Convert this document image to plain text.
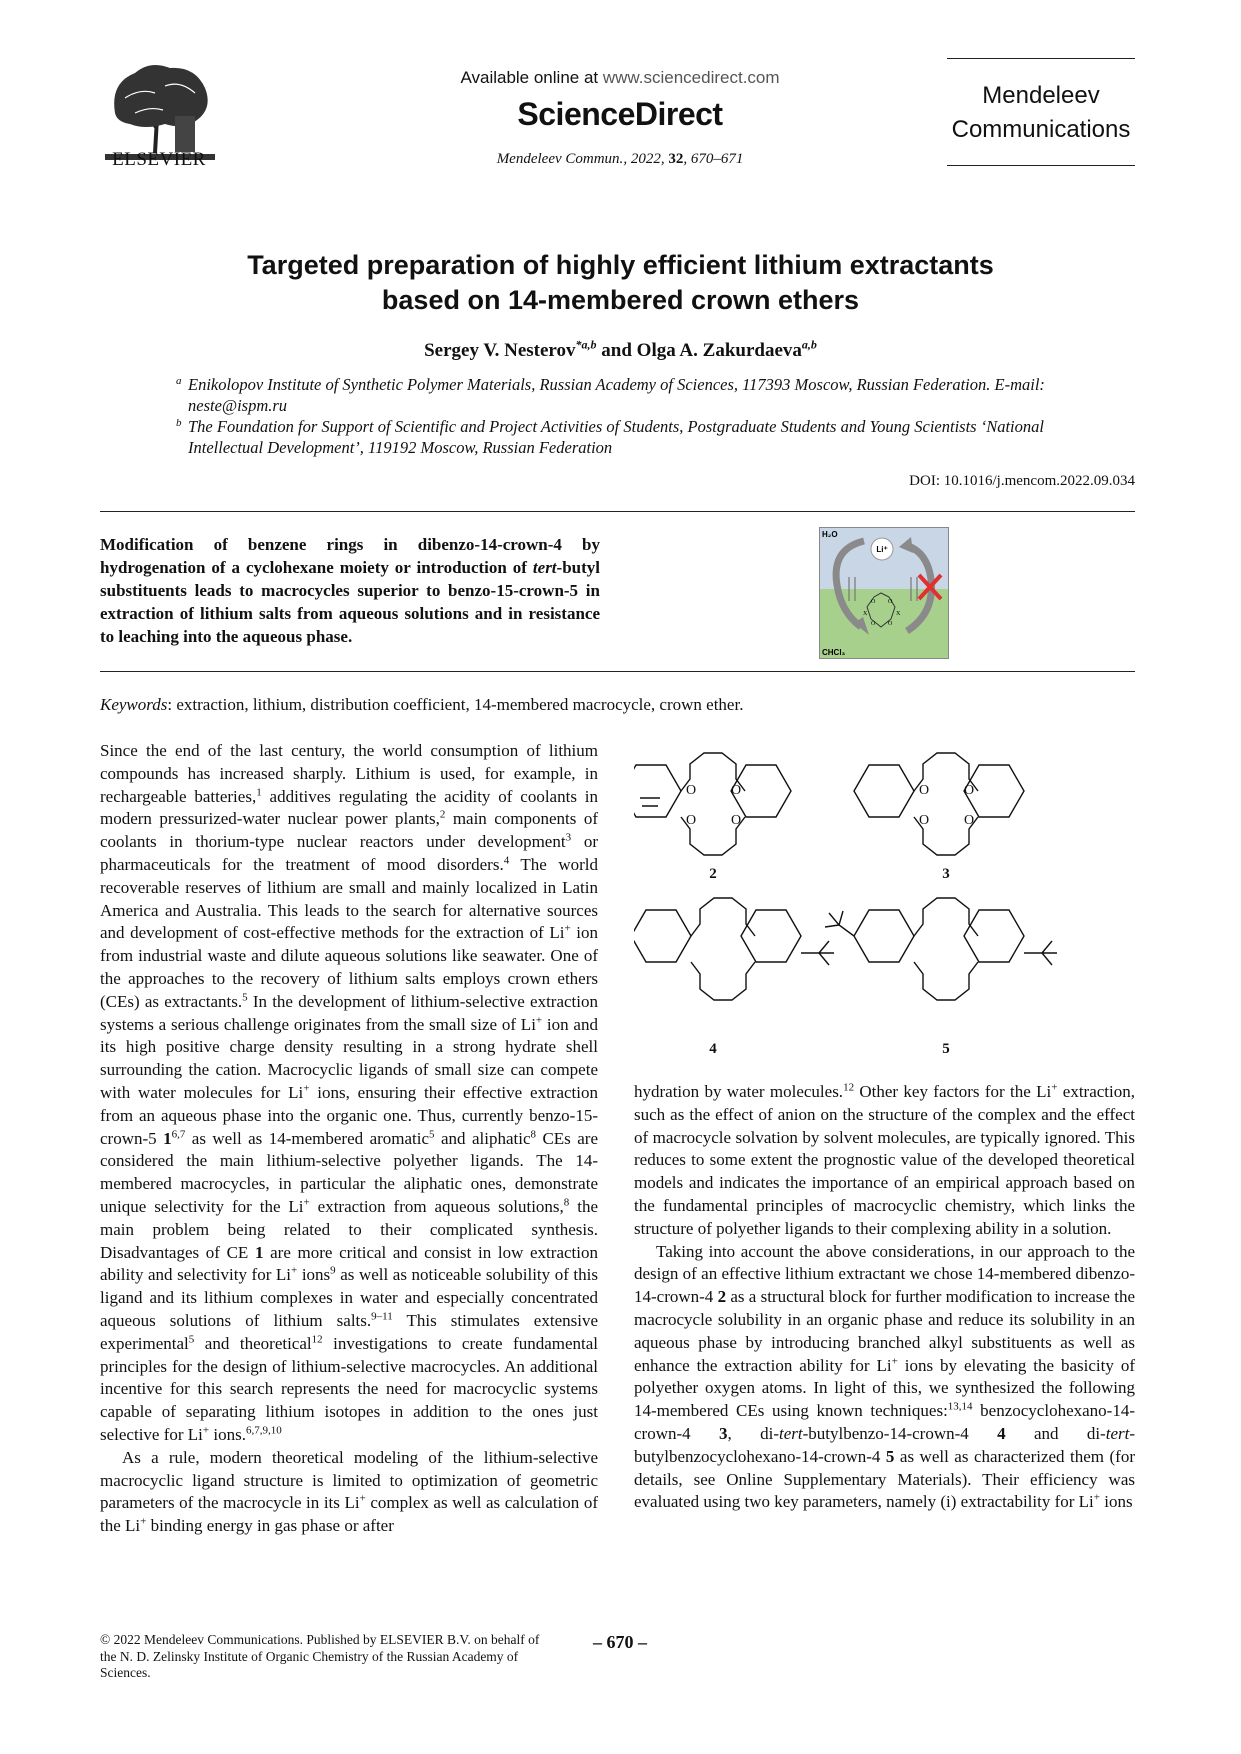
ELSEVIER
Available online at www.sciencedirect.com
ScienceDirect
Mendeleev Commun., 2022, 32, 670–671
Mendeleev
Communications
Targeted preparation of highly efficient lithium extractants
based on 14-membered crown ethers
Sergey V. Nesterov$^{*a,b}$ and Olga A. Zakurdaeva$^{a,b}$
a Enikolopov Institute of Synthetic Polymer Materials, Russian Academy of Sciences, 117393 Moscow, Russian Federation. E-mail: neste@ispm.ru
b The Foundation for Support of Scientific and Project Activities of Students, Postgraduate Students and Young Scientists ‘National Intellectual Development’, 119192 Moscow, Russian Federation
DOI: 10.1016/j.mencom.2022.09.034
Modification of benzene rings in dibenzo-14-crown-4 by hydrogenation of a cyclohexane moiety or introduction of tert-butyl substituents leads to macrocycles superior to benzo-15-crown-5 in extraction of lithium salts from aqueous solutions and in resistance to leaching into the aqueous phase.
H₂O
CHCl₃
Li⁺
O O
O O
X	X
Keywords: extraction, lithium, distribution coefficient, 14-membered macrocycle, crown ether.

Since the end of the last century, the world consumption of lithium compounds has increased sharply. Lithium is used, for example, in rechargeable batteries,$^1$ additives regulating the acidity of coolants in modern pressurized-water nuclear power plants,$^2$ main components of coolants in thorium-type nuclear reactors under development$^3$ or pharmaceuticals for the treatment of mood disorders.$^4$ The world recoverable reserves of lithium are small and mainly localized in Latin America and Australia. This leads to the search for alternative sources and development of cost-effective methods for the extraction of Li+ ion from industrial waste and dilute aqueous solutions like seawater. One of the approaches to the recovery of lithium salts employs crown ethers (CEs) as extractants.$^5$ In the development of lithium-selective extraction systems a serious challenge originates from the small size of Li+ ion and its high positive charge density resulting in a strong hydrate shell surrounding the cation. Macrocyclic ligands of small size can compete with water molecules for Li+ ions, ensuring their effective extraction from an aqueous phase into the organic one. Thus, currently benzo-15-crown-5 1$^{6,7}$ as well as 14-membered aromatic$^5$ and aliphatic$^8$ CEs are considered the main lithium-selective polyether ligands. The 14-membered macrocycles, in particular the aliphatic ones, demonstrate unique selectivity for the Li+ extraction from aqueous solutions,$^8$ the main problem being related to their complicated synthesis. Disadvantages of CE 1 are more critical and consist in low extraction ability and selectivity for Li+ ions$^9$ as well as noticeable solubility of this ligand and its lithium complexes in water and especially concentrated aqueous solutions of lithium salts.$^{9-11}$ This stimulates extensive experimental$^5$ and theoretical$^{12}$ investigations to create fundamental principles for the design of lithium-selective macrocycles. An additional incentive for this search represents the need for macrocyclic systems capable of separating lithium isotopes in addition to the ones just selective for Li+ ions.$^{6,7,9,10}$

As a rule, modern theoretical modeling of the lithium-selective macrocyclic ligand structure is limited to optimization of geometric parameters of the macrocycle in its Li+ complex as well as calculation of the Li+ binding energy in gas phase or after

O O
O O
O O
O O
2	3
4	5

hydration by water molecules.$^{12}$ Other key factors for the Li+ extraction, such as the effect of anion on the structure of the complex and the effect of macrocycle solvation by solvent molecules, are typically ignored. This reduces to some extent the prognostic value of the developed theoretical models and indicates the importance of an empirical approach based on the fundamental principles of macrocyclic chemistry, which links the structure of polyether ligands to their complexing ability in a solution.

Taking into account the above considerations, in our approach to the design of an effective lithium extractant we chose 14-membered dibenzo-14-crown-4 2 as a structural block for further modification to increase the macrocycle solubility in an organic phase and reduce its solubility in an aqueous phase by introducing branched alkyl substituents as well as enhance the extraction ability for Li+ ions by elevating the basicity of polyether oxygen atoms. In light of this, we synthesized the following 14-membered CEs using known techniques:$^{13,14}$ benzocyclohexano-14-crown-4 3, di-tert-butylbenzo-14-crown-4 4 and di-tert-butylbenzocyclohexano-14-crown-4 5 as well as characterized them (for details, see Online Supplementary Materials). Their efficiency was evaluated using two key parameters, namely (i) extractability for Li+ ions

© 2022 Mendeleev Communications. Published by ELSEVIER B.V. on behalf of the N. D. Zelinsky Institute of Organic Chemistry of the Russian Academy of Sciences.
– 670 –
